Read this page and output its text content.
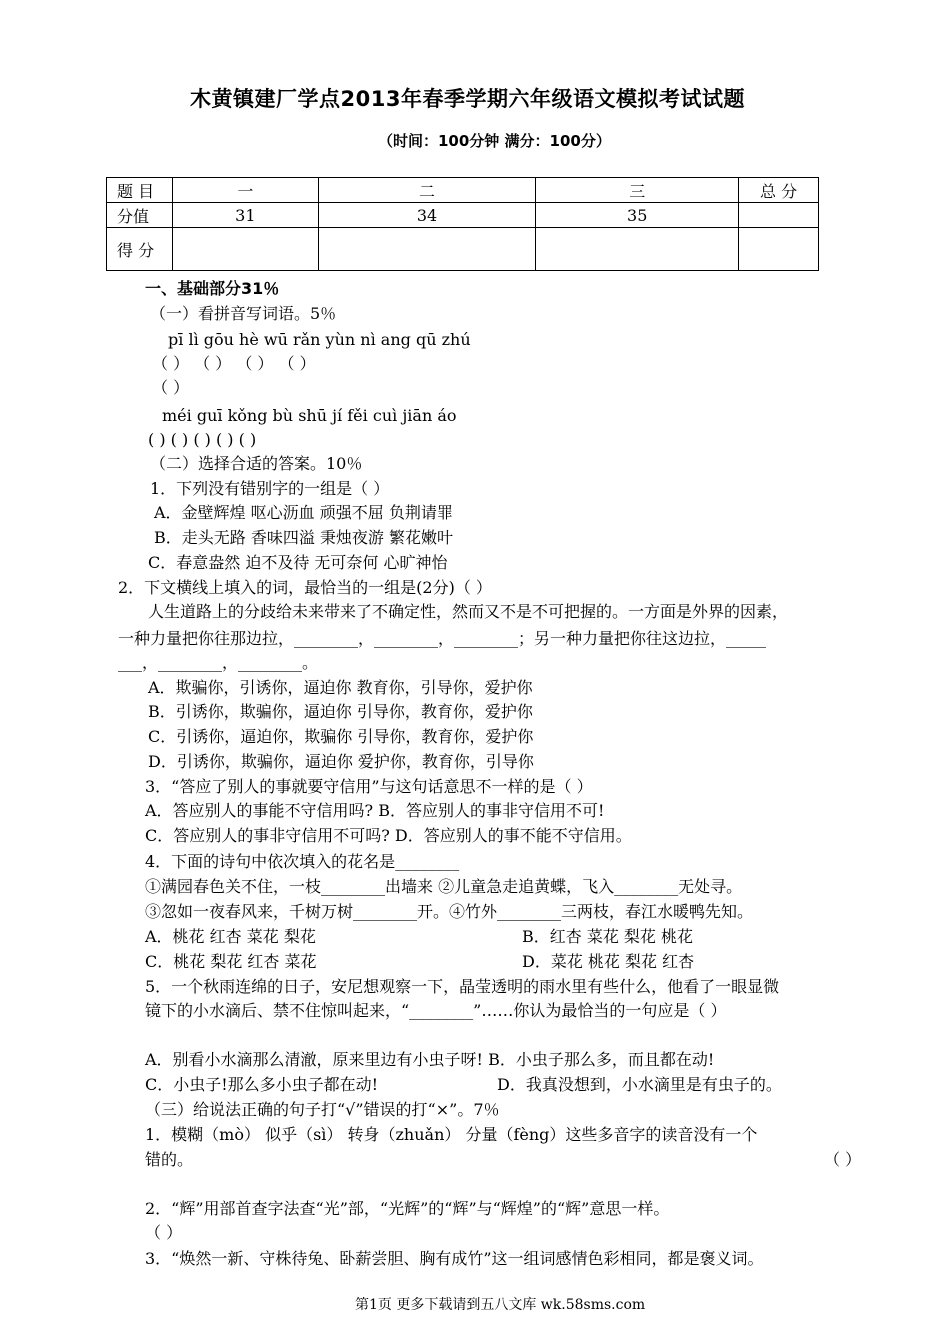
木黄镇建厂学点2013年春季学期六年级语文模拟考试试题
（时间：100分钟 满分：100分）
题 目	一	二	三	总 分
分值	31	34	35	
得 分				
一、基础部分31％
（一）看拼音写词语。5％
pī lì gōu hè wū rǎn yùn nì ang qū zhú
（ ） （ ） （ ） （ ）
（ ）
méi guī kǒng bù shū jí fěi cuì jiān áo
( ) ( ) ( ) ( ) ( )
（二）选择合适的答案。10％
1．下列没有错别字的一组是（ ）
A．金壁辉煌 呕心沥血 顽强不屈 负荆请罪
B．走头无路 香味四溢 秉烛夜游 繁花嫩叶
C．春意盎然 迫不及待 无可奈何 心旷神怡
2．下文横线上填入的词，最恰当的一组是(2分)（ ）
人生道路上的分歧给未来带来了不确定性，然而又不是不可把握的。一方面是外界的因素，
一种力量把你往那边拉，________，________，________；另一种力量把你往这边拉，_____
___，________，________。
A．欺骗你，引诱你，逼迫你 教育你，引导你，爱护你
B．引诱你，欺骗你，逼迫你 引导你，教育你，爱护你
C．引诱你，逼迫你，欺骗你 引导你，教育你，爱护你
D．引诱你，欺骗你，逼迫你 爱护你，教育你，引导你
3．“答应了别人的事就要守信用”与这句话意思不一样的是（ ）
A．答应别人的事能不守信用吗? B．答应别人的事非守信用不可!
C．答应别人的事非守信用不可吗? D．答应别人的事不能不守信用。
4．下面的诗句中依次填入的花名是________
①满园春色关不住，一枝________出墙来 ②儿童急走追黄蝶，飞入________无处寻。
③忽如一夜春风来，千树万树________开。④竹外________三两枝，春江水暖鸭先知。
A．桃花 红杏 菜花 梨花	B．红杏 菜花 梨花 桃花
C．桃花 梨花 红杏 菜花	D．菜花 桃花 梨花 红杏
5．一个秋雨连绵的日子，安尼想观察一下，晶莹透明的雨水里有些什么，他看了一眼显微
镜下的小水滴后、禁不住惊叫起来，“________”……你认为最恰当的一句应是（ ）
A．别看小水滴那么清澈，原来里边有小虫子呀! B．小虫子那么多，而且都在动!
C．小虫子!那么多小虫子都在动!	D．我真没想到，小水滴里是有虫子的。
（三）给说法正确的句子打“√”错误的打“×”。7％
1．模糊（mò） 似乎（sì） 转身（zhuǎn） 分量（fèng）这些多音字的读音没有一个
错的。	（ ）
2．“辉”用部首查字法查“光”部，“光辉”的“辉”与“辉煌”的“辉”意思一样。
（ ）
3．“焕然一新、守株待兔、卧薪尝胆、胸有成竹”这一组词感情色彩相同，都是褒义词。
第1页 更多下载请到五八文库 wk.58sms.com
